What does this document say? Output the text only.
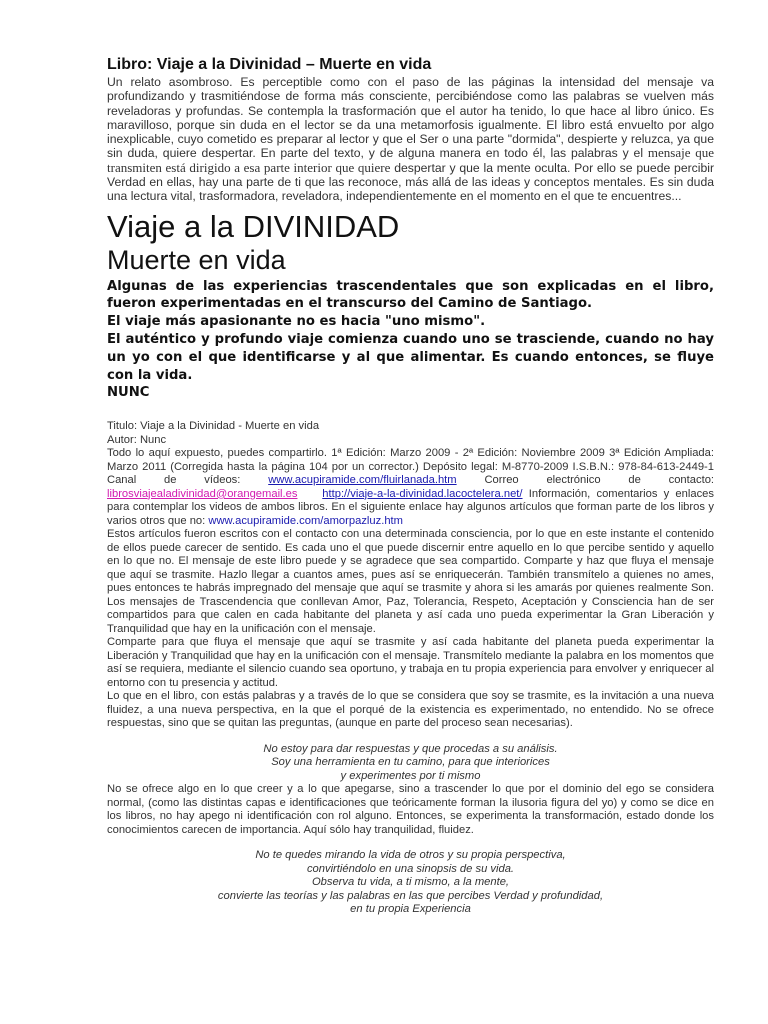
Libro: Viaje a la Divinidad – Muerte en vida

Un relato asombroso. Es perceptible como con el paso de las páginas la intensidad del mensaje va profundizando y trasmitiéndose de forma más consciente, percibiéndose como las palabras se vuelven más reveladoras y profundas. Se contempla la trasformación que el autor ha tenido, lo que hace al libro único. Es maravilloso, porque sin duda en el lector se da una metamorfosis igualmente. El libro está envuelto por algo inexplicable, cuyo cometido es preparar al lector y que el Ser o una parte "dormida", despierte y reluzca, ya que sin duda, quiere despertar. En parte del texto, y de alguna manera en todo él, las palabras y el mensaje que transmiten está dirigido a esa parte interior que quiere despertar y que la mente oculta. Por ello se puede percibir Verdad en ellas, hay una parte de ti que las reconoce, más allá de las ideas y conceptos mentales. Es sin duda una lectura vital, trasformadora, reveladora, independientemente en el momento en el que te encuentres...

Viaje a la DIVINIDAD
Muerte en vida

Algunas de las experiencias trascendentales que son explicadas en el libro, fueron experimentadas en el transcurso del Camino de Santiago.

El viaje más apasionante no es hacia "uno mismo".

El auténtico y profundo viaje comienza cuando uno se trasciende, cuando no hay un yo con el que identificarse y al que alimentar. Es cuando entonces, se fluye con la vida.

NUNC

Titulo: Viaje a la Divinidad - Muerte en vida

Autor: Nunc

Todo lo aquí expuesto, puedes compartirlo. 1ª Edición: Marzo 2009 - 2ª Edición: Noviembre 2009 3ª Edición Ampliada: Marzo 2011 (Corregida hasta la página 104 por un corrector.) Depósito legal: M-8770-2009 I.S.B.N.: 978-84-613-2449-1 Canal de vídeos: www.acupiramide.com/fluirlanada.htm Correo electrónico de contacto: librosviajealadivinidad@orangemail.es http://viaje-a-la-divinidad.lacoctelera.net/ Información, comentarios y enlaces para contemplar los videos de ambos libros. En el siguiente enlace hay algunos artículos que forman parte de los libros y varios otros que no: www.acupiramide.com/amorpazluz.htm

Estos artículos fueron escritos con el contacto con una determinada consciencia, por lo que en este instante el contenido de ellos puede carecer de sentido. Es cada uno el que puede discernir entre aquello en lo que percibe sentido y aquello en lo que no. El mensaje de este libro puede y se agradece que sea compartido. Comparte y haz que fluya el mensaje que aquí se trasmite. Hazlo llegar a cuantos ames, pues así se enriquecerán. También transmítelo a quienes no ames, pues entonces te habrás impregnado del mensaje que aquí se trasmite y ahora si les amarás por quienes realmente Son. Los mensajes de Trascendencia que conllevan Amor, Paz, Tolerancia, Respeto, Aceptación y Consciencia han de ser compartidos para que calen en cada habitante del planeta y así cada uno pueda experimentar la Gran Liberación y Tranquilidad que hay en la unificación con el mensaje.

Comparte para que fluya el mensaje que aquí se trasmite y así cada habitante del planeta pueda experimentar la Liberación y Tranquilidad que hay en la unificación con el mensaje. Transmítelo mediante la palabra en los momentos que así se requiera, mediante el silencio cuando sea oportuno, y trabaja en tu propia experiencia para envolver y enriquecer al entorno con tu presencia y actitud.

Lo que en el libro, con estás palabras y a través de lo que se considera que soy se trasmite, es la invitación a una nueva fluidez, a una nueva perspectiva, en la que el porqué de la existencia es experimentado, no entendido. No se ofrece respuestas, sino que se quitan las preguntas, (aunque en parte del proceso sean necesarias).

No estoy para dar respuestas y que procedas a su análisis.

Soy una herramienta en tu camino, para que interiorices

y experimentes por ti mismo

No se ofrece algo en lo que creer y a lo que apegarse, sino a trascender lo que por el dominio del ego se considera normal, (como las distintas capas e identificaciones que teóricamente forman la ilusoria figura del yo) y como se dice en los libros, no hay apego ni identificación con rol alguno. Entonces, se experimenta la transformación, estado donde los conocimientos carecen de importancia. Aquí sólo hay tranquilidad, fluidez.

No te quedes mirando la vida de otros y su propia perspectiva,

convirtiéndolo en una sinopsis de su vida.

Observa tu vida, a ti mismo, a la mente,

convierte las teorías y las palabras en las que percibes Verdad y profundidad,

en tu propia Experiencia
